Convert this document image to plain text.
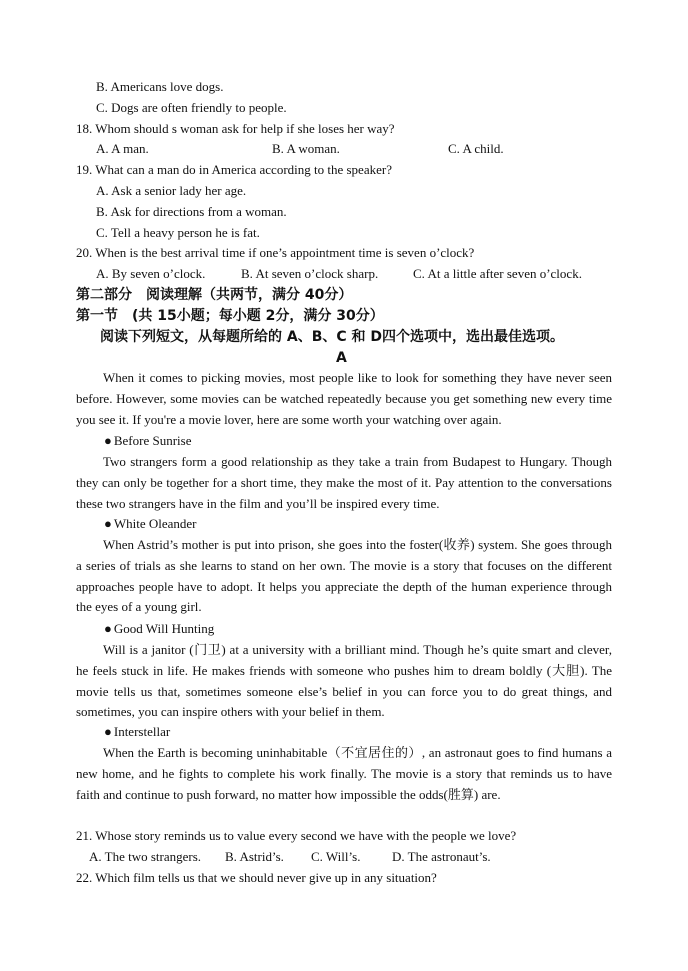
B. Americans love dogs.
C. Dogs are often friendly to people.
18. Whom should s woman ask for help if she loses her way?
A. A man.	B. A woman.	C. A child.
19. What can a man do in America according to the speaker?
A. Ask a senior lady her age.
B. Ask for directions from a woman.
C. Tell a heavy person he is fat.
20. When is the best arrival time if one’s appointment time is seven o’clock?
A. By seven o’clock.	B. At seven o’clock sharp.	C. At a little after seven o’clock.
第二部分　阅读理解（共两节，满分 40分）
第一节　(共 15小题；每小题 2分，满分 30分）
阅读下列短文，从每题所给的 A、B、C 和 D四个选项中，选出最佳选项。
A
When it comes to picking movies, most people like to look for something they have never seen before. However, some movies can be watched repeatedly because you get something new every time you see it. If you're a movie lover, here are some worth your watching over again.
● Before Sunrise
Two strangers form a good relationship as they take a train from Budapest to Hungary. Though they can only be together for a short time, they make the most of it. Pay attention to the conversations these two strangers have in the film and you’ll be inspired every time.
● White Oleander
When Astrid’s mother is put into prison, she goes into the foster(收养) system. She goes through a series of trials as she learns to stand on her own. The movie is a story that focuses on the different approaches people have to adopt. It helps you appreciate the depth of the human experience through the eyes of a young girl.
● Good Will Hunting
Will is a janitor (门卫) at a university with a brilliant mind. Though he’s quite smart and clever, he feels stuck in life. He makes friends with someone who pushes him to dream boldly (大胆). The movie tells us that, sometimes someone else’s belief in you can force you to do great things, and sometimes, you can inspire others with your belief in them.
● Interstellar
When the Earth is becoming uninhabitable（不宜居住的）, an astronaut goes to find humans a new home, and he fights to complete his work finally. The movie is a story that reminds us to have faith and continue to push forward, no matter how impossible the odds(胜算) are.
21. Whose story reminds us to value every second we have with the people we love?
A. The two strangers. B. Astrid’s. C. Will’s. D. The astronaut’s.
22. Which film tells us that we should never give up in any situation?
